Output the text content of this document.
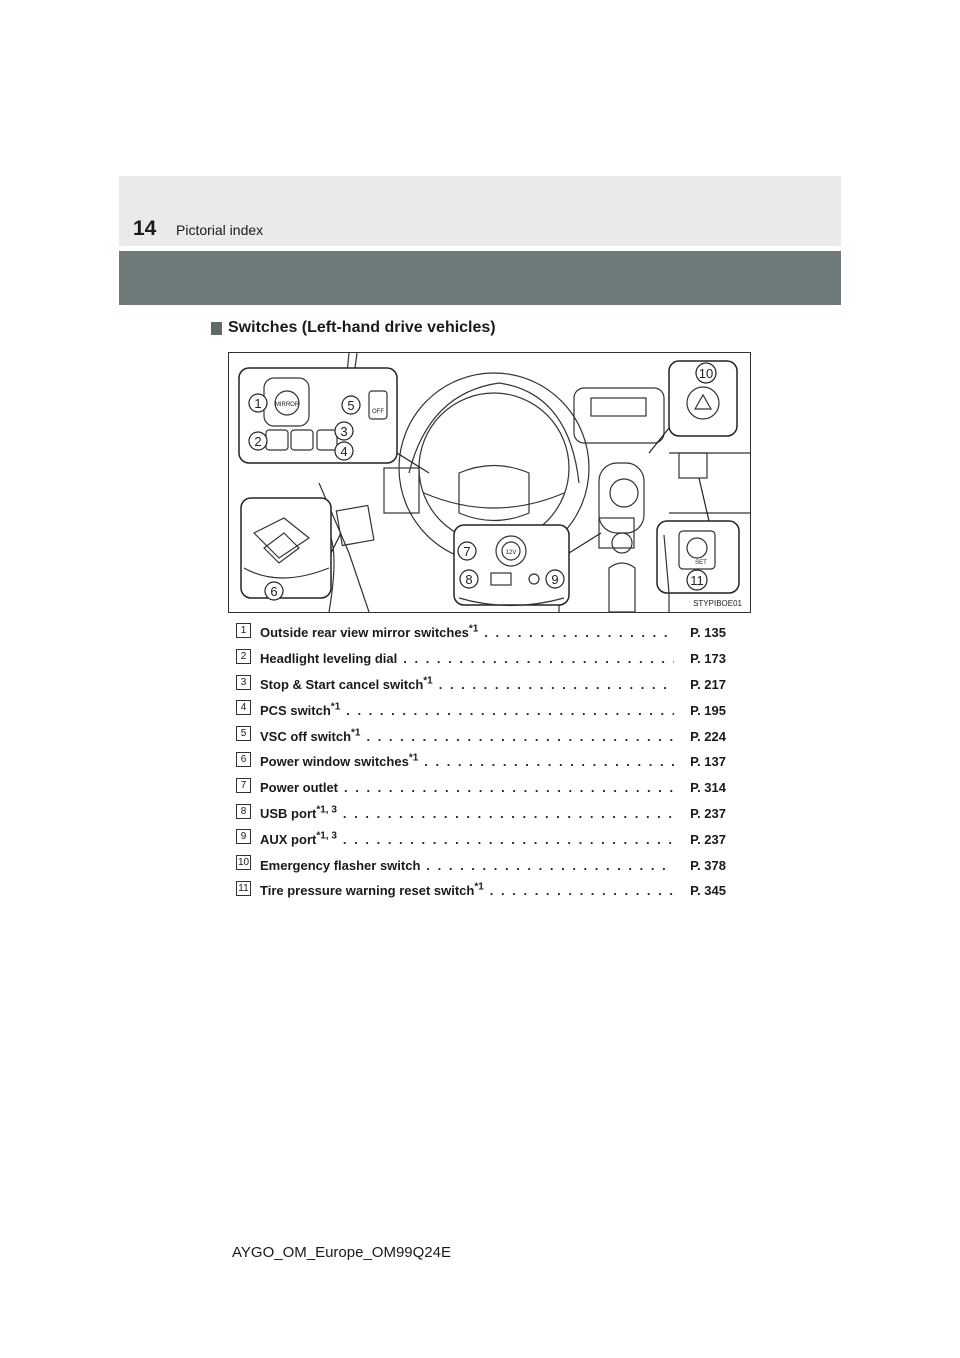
14 Pictorial index
Switches (Left-hand drive vehicles)
MIRROR
OFF
12V
SET
1
2
3
4
5
6
7
8	9
10
11
STYPIBOE01
1	Outside rear view mirror switches$^{*1}$ . . .	P. 135
2	Headlight leveling dial . . .	P. 173
3	Stop & Start cancel switch$^{*1}$ . . .	P. 217
4	PCS switch$^{*1}$ . . .	P. 195
5	VSC off switch$^{*1}$ . . .	P. 224
6	Power window switches$^{*1}$ . . .	P. 137
7	Power outlet . . .	P. 314
8	USB port$^{*1, 3}$ . . .	P. 237
9	AUX port$^{*1, 3}$ . . .	P. 237
10 Emergency flasher switch . . .	P. 378
11 Tire pressure warning reset switch$^{*1}$ . . .	P. 345
AYGO_OM_Europe_OM99Q24E
